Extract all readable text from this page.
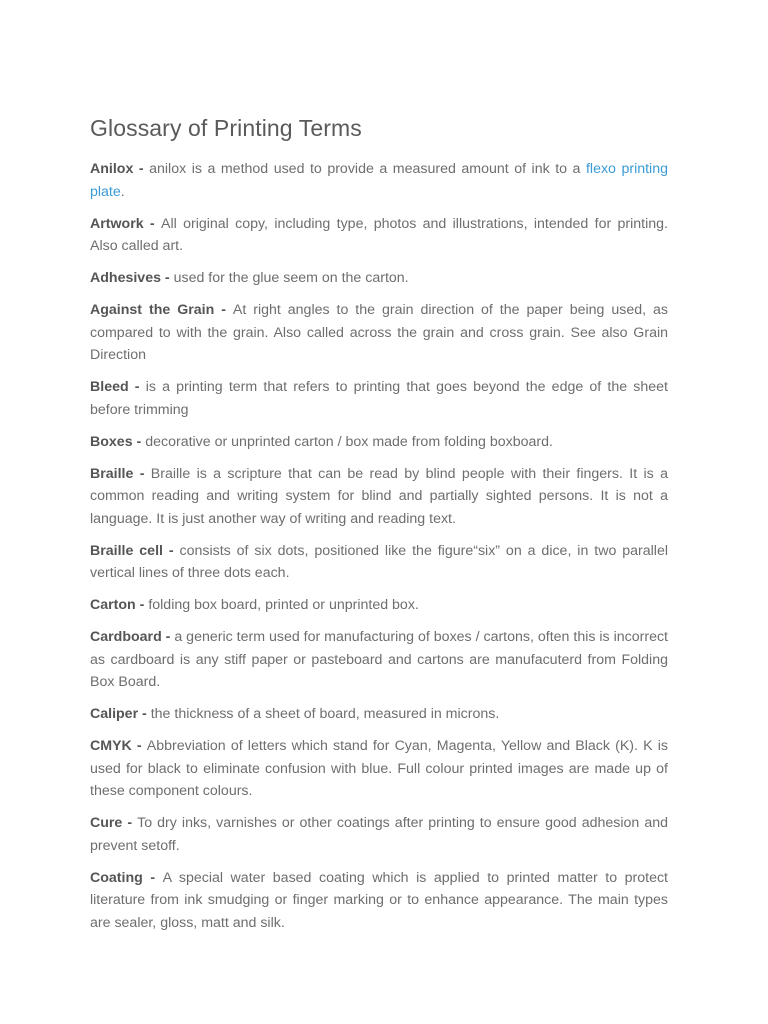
Glossary of Printing Terms

Anilox - anilox is a method used to provide a measured amount of ink to a flexo printing plate.

Artwork - All original copy, including type, photos and illustrations, intended for printing. Also called art.

Adhesives - used for the glue seem on the carton.

Against the Grain - At right angles to the grain direction of the paper being used, as compared to with the grain. Also called across the grain and cross grain. See also Grain Direction

Bleed - is a printing term that refers to printing that goes beyond the edge of the sheet before trimming

Boxes - decorative or unprinted carton / box made from folding boxboard.

Braille - Braille is a scripture that can be read by blind people with their fingers. It is a common reading and writing system for blind and partially sighted persons. It is not a language. It is just another way of writing and reading text.

Braille cell - consists of six dots, positioned like the figure“six” on a dice, in two parallel vertical lines of three dots each.

Carton - folding box board, printed or unprinted box.

Cardboard - a generic term used for manufacturing of boxes / cartons, often this is incorrect as cardboard is any stiff paper or pasteboard and cartons are manufacuterd from Folding Box Board.

Caliper - the thickness of a sheet of board, measured in microns.

CMYK - Abbreviation of letters which stand for Cyan, Magenta, Yellow and Black (K). K is used for black to eliminate confusion with blue. Full colour printed images are made up of these component colours.

Cure - To dry inks, varnishes or other coatings after printing to ensure good adhesion and prevent setoff.

Coating - A special water based coating which is applied to printed matter to protect literature from ink smudging or finger marking or to enhance appearance. The main types are sealer, gloss, matt and silk.
